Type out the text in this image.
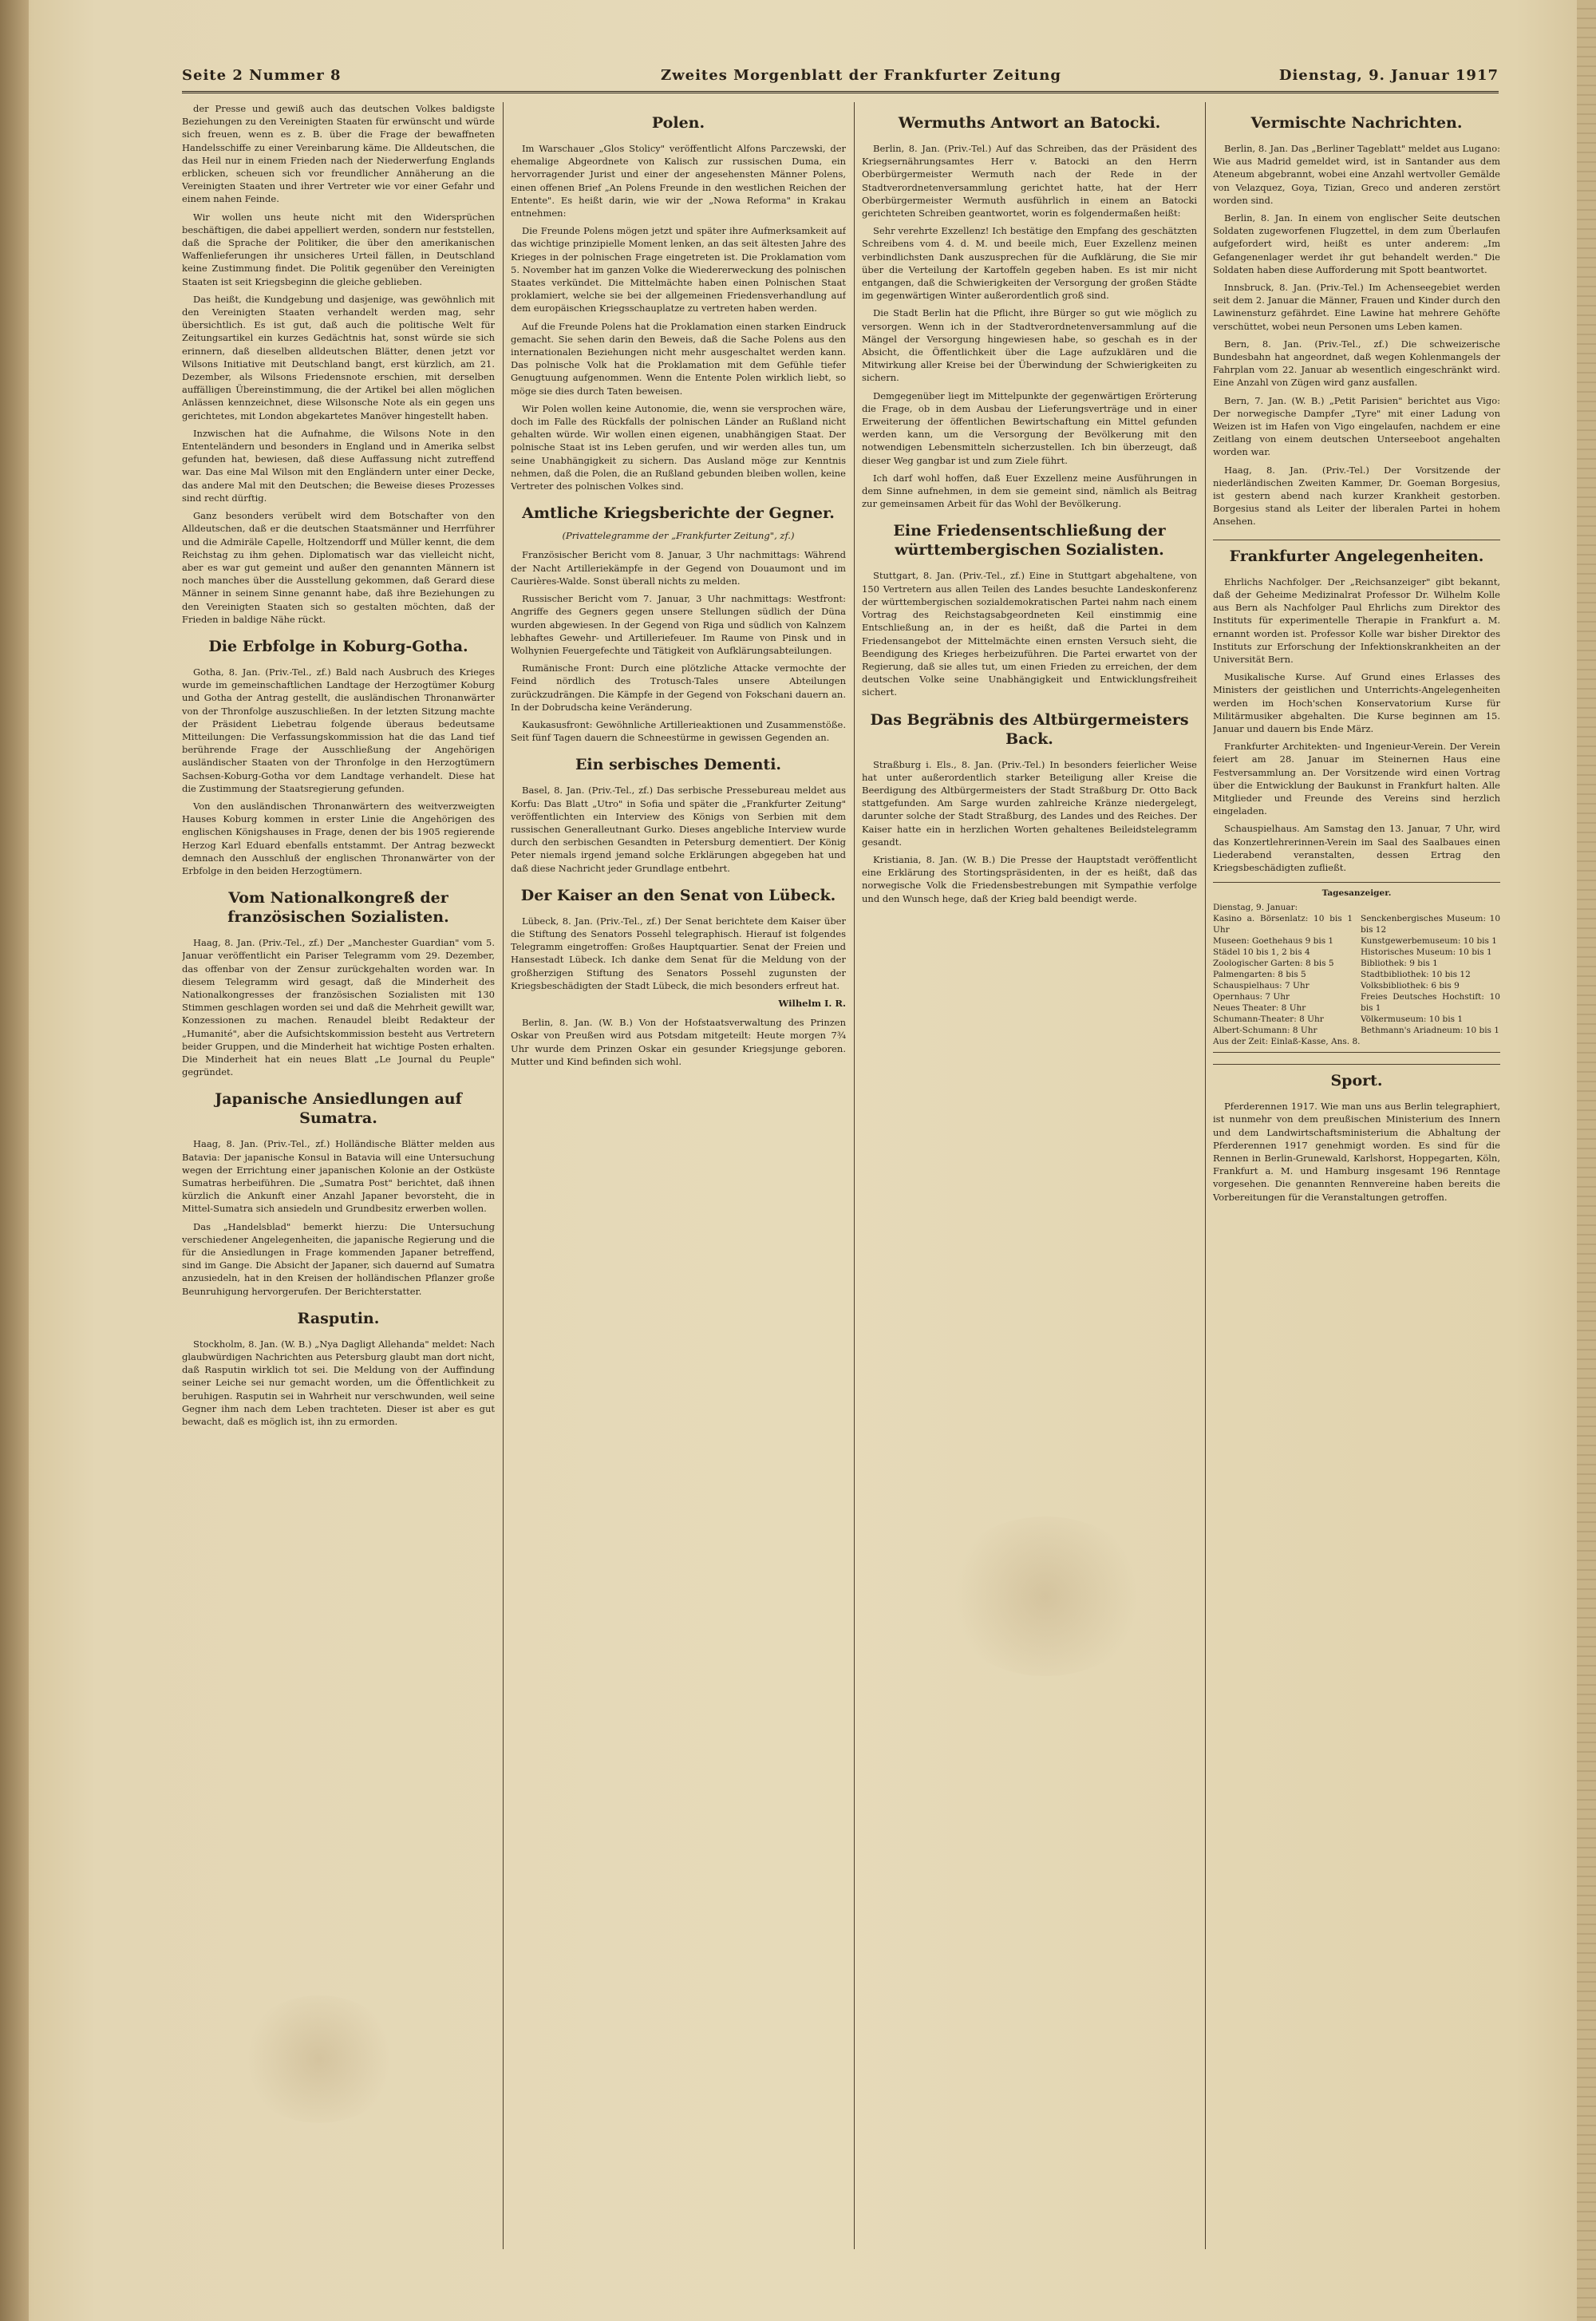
Seite 2 Nummer 8	Zweites Morgenblatt der Frankfurter Zeitung	Dienstag, 9. Januar 1917

der Presse und gewiß auch das deutschen Volkes baldigste Beziehungen zu den Vereinigten Staaten für erwünscht und würde sich freuen, wenn es z. B. über die Frage der bewaffneten Handelsschiffe zu einer Vereinbarung käme. Die Alldeutschen, die das Heil nur in einem Frieden nach der Niederwerfung Englands erblicken, scheuen sich vor freundlicher Annäherung an die Vereinigten Staaten und ihrer Vertreter wie vor einer Gefahr und einem nahen Feinde.

Wir wollen uns heute nicht mit den Widersprüchen beschäftigen, die dabei appelliert werden, sondern nur feststellen, daß die Sprache der Politiker, die über den amerikanischen Waffenlieferungen ihr unsicheres Urteil fällen, in Deutschland keine Zustimmung findet. Die Politik gegenüber den Vereinigten Staaten ist seit Kriegsbeginn die gleiche geblieben.

Das heißt, die Kundgebung und dasjenige, was gewöhnlich mit den Vereinigten Staaten verhandelt werden mag, sehr übersichtlich. Es ist gut, daß auch die politische Welt für Zeitungsartikel ein kurzes Gedächtnis hat, sonst würde sie sich erinnern, daß dieselben alldeutschen Blätter, denen jetzt vor Wilsons Initiative mit Deutschland bangt, erst kürzlich, am 21. Dezember, als Wilsons Friedensnote erschien, mit derselben auffälligen Übereinstimmung, die der Artikel bei allen möglichen Anlässen kennzeichnet, diese Wilsonsche Note als ein gegen uns gerichtetes, mit London abgekartetes Manöver hingestellt haben.

Inzwischen hat die Aufnahme, die Wilsons Note in den Ententeländern und besonders in England und in Amerika selbst gefunden hat, bewiesen, daß diese Auffassung nicht zutreffend war. Das eine Mal Wilson mit den Engländern unter einer Decke, das andere Mal mit den Deutschen; die Beweise dieses Prozesses sind recht dürftig.

Ganz besonders verübelt wird dem Botschafter von den Alldeutschen, daß er die deutschen Staatsmänner und Herrführer und die Admiräle Capelle, Holtzendorff und Müller kennt, die dem Reichstag zu ihm gehen. Diplomatisch war das vielleicht nicht, aber es war gut gemeint und außer den genannten Männern ist noch manches über die Ausstellung gekommen, daß Gerard diese Männer in seinem Sinne genannt habe, daß ihre Beziehungen zu den Vereinigten Staaten sich so gestalten möchten, daß der Frieden in baldige Nähe rückt.

Die Erbfolge in Koburg-Gotha.

Gotha, 8. Jan. (Priv.-Tel., zf.) Bald nach Ausbruch des Krieges wurde im gemeinschaftlichen Landtage der Herzogtümer Koburg und Gotha der Antrag gestellt, die ausländischen Thronanwärter von der Thronfolge auszuschließen. In der letzten Sitzung machte der Präsident Liebetrau folgende überaus bedeutsame Mitteilungen: Die Verfassungskommission hat die das Land tief berührende Frage der Ausschließung der Angehörigen ausländischer Staaten von der Thronfolge in den Herzogtümern Sachsen-Koburg-Gotha vor dem Landtage verhandelt. Diese hat die Zustimmung der Staatsregierung gefunden.

Von den ausländischen Thronanwärtern des weitverzweigten Hauses Koburg kommen in erster Linie die Angehörigen des englischen Königshauses in Frage, denen der bis 1905 regierende Herzog Karl Eduard ebenfalls entstammt. Der Antrag bezweckt demnach den Ausschluß der englischen Thronanwärter von der Erbfolge in den beiden Herzogtümern.

Vom Nationalkongreß der französischen Sozialisten.

Haag, 8. Jan. (Priv.-Tel., zf.) Der „Manchester Guardian" vom 5. Januar veröffentlicht ein Pariser Telegramm vom 29. Dezember, das offenbar von der Zensur zurückgehalten worden war. In diesem Telegramm wird gesagt, daß die Minderheit des Nationalkongresses der französischen Sozialisten mit 130 Stimmen geschlagen worden sei und daß die Mehrheit gewillt war, Konzessionen zu machen. Renaudel bleibt Redakteur der „Humanité", aber die Aufsichtskommission besteht aus Vertretern beider Gruppen, und die Minderheit hat wichtige Posten erhalten. Die Minderheit hat ein neues Blatt „Le Journal du Peuple" gegründet.

Japanische Ansiedlungen auf Sumatra.

Haag, 8. Jan. (Priv.-Tel., zf.) Holländische Blätter melden aus Batavia: Der japanische Konsul in Batavia will eine Untersuchung wegen der Errichtung einer japanischen Kolonie an der Ostküste Sumatras herbeiführen. Die „Sumatra Post" berichtet, daß ihnen kürzlich die Ankunft einer Anzahl Japaner bevorsteht, die in Mittel-Sumatra sich ansiedeln und Grundbesitz erwerben wollen.

Das „Handelsblad" bemerkt hierzu: Die Untersuchung verschiedener Angelegenheiten, die japanische Regierung und die für die Ansiedlungen in Frage kommenden Japaner betreffend, sind im Gange. Die Absicht der Japaner, sich dauernd auf Sumatra anzusiedeln, hat in den Kreisen der holländischen Pflanzer große Beunruhigung hervorgerufen. Der Berichterstatter.

Rasputin.

Stockholm, 8. Jan. (W. B.) „Nya Dagligt Allehanda" meldet: Nach glaubwürdigen Nachrichten aus Petersburg glaubt man dort nicht, daß Rasputin wirklich tot sei. Die Meldung von der Auffindung seiner Leiche sei nur gemacht worden, um die Öffentlichkeit zu beruhigen. Rasputin sei in Wahrheit nur verschwunden, weil seine Gegner ihm nach dem Leben trachteten. Dieser ist aber es gut bewacht, daß es möglich ist, ihn zu ermorden.

Polen.

Im Warschauer „Glos Stolicy" veröffentlicht Alfons Parczewski, der ehemalige Abgeordnete von Kalisch zur russischen Duma, ein hervorragender Jurist und einer der angesehensten Männer Polens, einen offenen Brief „An Polens Freunde in den westlichen Reichen der Entente". Es heißt darin, wie wir der „Nowa Reforma" in Krakau entnehmen:

Die Freunde Polens mögen jetzt und später ihre Aufmerksamkeit auf das wichtige prinzipielle Moment lenken, an das seit ältesten Jahre des Krieges in der polnischen Frage eingetreten ist. Die Proklamation vom 5. November hat im ganzen Volke die Wiedererweckung des polnischen Staates verkündet. Die Mittelmächte haben einen Polnischen Staat proklamiert, welche sie bei der allgemeinen Friedensverhandlung auf dem europäischen Kriegsschauplatze zu vertreten haben werden.

Auf die Freunde Polens hat die Proklamation einen starken Eindruck gemacht. Sie sehen darin den Beweis, daß die Sache Polens aus den internationalen Beziehungen nicht mehr ausgeschaltet werden kann. Das polnische Volk hat die Proklamation mit dem Gefühle tiefer Genugtuung aufgenommen. Wenn die Entente Polen wirklich liebt, so möge sie dies durch Taten beweisen.

Wir Polen wollen keine Autonomie, die, wenn sie versprochen wäre, doch im Falle des Rückfalls der polnischen Länder an Rußland nicht gehalten würde. Wir wollen einen eigenen, unabhängigen Staat. Der polnische Staat ist ins Leben gerufen, und wir werden alles tun, um seine Unabhängigkeit zu sichern. Das Ausland möge zur Kenntnis nehmen, daß die Polen, die an Rußland gebunden bleiben wollen, keine Vertreter des polnischen Volkes sind.

Amtliche Kriegsberichte der Gegner.
(Privattelegramme der „Frankfurter Zeitung", zf.)

Französischer Bericht vom 8. Januar, 3 Uhr nachmittags: Während der Nacht Artilleriekämpfe in der Gegend von Douaumont und im Caurières-Walde. Sonst überall nichts zu melden.

Russischer Bericht vom 7. Januar, 3 Uhr nachmittags: Westfront: Angriffe des Gegners gegen unsere Stellungen südlich der Düna wurden abgewiesen. In der Gegend von Riga und südlich von Kalnzem lebhaftes Gewehr- und Artilleriefeuer. Im Raume von Pinsk und in Wolhynien Feuergefechte und Tätigkeit von Aufklärungsabteilungen.

Rumänische Front: Durch eine plötzliche Attacke vermochte der Feind nördlich des Trotusch-Tales unsere Abteilungen zurückzudrängen. Die Kämpfe in der Gegend von Fokschani dauern an. In der Dobrudscha keine Veränderung.

Kaukasusfront: Gewöhnliche Artillerieaktionen und Zusammenstöße. Seit fünf Tagen dauern die Schneestürme in gewissen Gegenden an.

Ein serbisches Dementi.

Basel, 8. Jan. (Priv.-Tel., zf.) Das serbische Pressebureau meldet aus Korfu: Das Blatt „Utro" in Sofia und später die „Frankfurter Zeitung" veröffentlichten ein Interview des Königs von Serbien mit dem russischen Generalleutnant Gurko. Dieses angebliche Interview wurde durch den serbischen Gesandten in Petersburg dementiert. Der König Peter niemals irgend jemand solche Erklärungen abgegeben hat und daß diese Nachricht jeder Grundlage entbehrt.

Der Kaiser an den Senat von Lübeck.

Lübeck, 8. Jan. (Priv.-Tel., zf.) Der Senat berichtete dem Kaiser über die Stiftung des Senators Possehl telegraphisch. Hierauf ist folgendes Telegramm eingetroffen: Großes Hauptquartier. Senat der Freien und Hansestadt Lübeck. Ich danke dem Senat für die Meldung von der großherzigen Stiftung des Senators Possehl zugunsten der Kriegsbeschädigten der Stadt Lübeck, die mich besonders erfreut hat.

Wilhelm I. R.

Berlin, 8. Jan. (W. B.) Von der Hofstaatsverwaltung des Prinzen Oskar von Preußen wird aus Potsdam mitgeteilt: Heute morgen 7¾ Uhr wurde dem Prinzen Oskar ein gesunder Kriegsjunge geboren. Mutter und Kind befinden sich wohl.

Wermuths Antwort an Batocki.

Berlin, 8. Jan. (Priv.-Tel.) Auf das Schreiben, das der Präsident des Kriegsernährungsamtes Herr v. Batocki an den Herrn Oberbürgermeister Wermuth nach der Rede in der Stadtverordnetenversammlung gerichtet hatte, hat der Herr Oberbürgermeister Wermuth ausführlich in einem an Batocki gerichteten Schreiben geantwortet, worin es folgendermaßen heißt:

Sehr verehrte Exzellenz! Ich bestätige den Empfang des geschätzten Schreibens vom 4. d. M. und beeile mich, Euer Exzellenz meinen verbindlichsten Dank auszusprechen für die Aufklärung, die Sie mir über die Verteilung der Kartoffeln gegeben haben. Es ist mir nicht entgangen, daß die Schwierigkeiten der Versorgung der großen Städte im gegenwärtigen Winter außerordentlich groß sind.

Die Stadt Berlin hat die Pflicht, ihre Bürger so gut wie möglich zu versorgen. Wenn ich in der Stadtverordnetenversammlung auf die Mängel der Versorgung hingewiesen habe, so geschah es in der Absicht, die Öffentlichkeit über die Lage aufzuklären und die Mitwirkung aller Kreise bei der Überwindung der Schwierigkeiten zu sichern.

Demgegenüber liegt im Mittelpunkte der gegenwärtigen Erörterung die Frage, ob in dem Ausbau der Lieferungsverträge und in einer Erweiterung der öffentlichen Bewirtschaftung ein Mittel gefunden werden kann, um die Versorgung der Bevölkerung mit den notwendigen Lebensmitteln sicherzustellen. Ich bin überzeugt, daß dieser Weg gangbar ist und zum Ziele führt.

Ich darf wohl hoffen, daß Euer Exzellenz meine Ausführungen in dem Sinne aufnehmen, in dem sie gemeint sind, nämlich als Beitrag zur gemeinsamen Arbeit für das Wohl der Bevölkerung.

Eine Friedensentschließung der württembergischen Sozialisten.

Stuttgart, 8. Jan. (Priv.-Tel., zf.) Eine in Stuttgart abgehaltene, von 150 Vertretern aus allen Teilen des Landes besuchte Landeskonferenz der württembergischen sozialdemokratischen Partei nahm nach einem Vortrag des Reichstagsabgeordneten Keil einstimmig eine Entschließung an, in der es heißt, daß die Partei in dem Friedensangebot der Mittelmächte einen ernsten Versuch sieht, die Beendigung des Krieges herbeizuführen. Die Partei erwartet von der Regierung, daß sie alles tut, um einen Frieden zu erreichen, der dem deutschen Volke seine Unabhängigkeit und Entwicklungsfreiheit sichert.

Das Begräbnis des Altbürgermeisters Back.

Straßburg i. Els., 8. Jan. (Priv.-Tel.) In besonders feierlicher Weise hat unter außerordentlich starker Beteiligung aller Kreise die Beerdigung des Altbürgermeisters der Stadt Straßburg Dr. Otto Back stattgefunden. Am Sarge wurden zahlreiche Kränze niedergelegt, darunter solche der Stadt Straßburg, des Landes und des Reiches. Der Kaiser hatte ein in herzlichen Worten gehaltenes Beileidstelegramm gesandt.

Kristiania, 8. Jan. (W. B.) Die Presse der Hauptstadt veröffentlicht eine Erklärung des Stortingspräsidenten, in der es heißt, daß das norwegische Volk die Friedensbestrebungen mit Sympathie verfolge und den Wunsch hege, daß der Krieg bald beendigt werde.

Vermischte Nachrichten.

Berlin, 8. Jan. Das „Berliner Tageblatt" meldet aus Lugano: Wie aus Madrid gemeldet wird, ist in Santander aus dem Ateneum abgebrannt, wobei eine Anzahl wertvoller Gemälde von Velazquez, Goya, Tizian, Greco und anderen zerstört worden sind.

Berlin, 8. Jan. In einem von englischer Seite deutschen Soldaten zugeworfenen Flugzettel, in dem zum Überlaufen aufgefordert wird, heißt es unter anderem: „Im Gefangenenlager werdet ihr gut behandelt werden." Die Soldaten haben diese Aufforderung mit Spott beantwortet.

Innsbruck, 8. Jan. (Priv.-Tel.) Im Achenseegebiet werden seit dem 2. Januar die Männer, Frauen und Kinder durch den Lawinensturz gefährdet. Eine Lawine hat mehrere Gehöfte verschüttet, wobei neun Personen ums Leben kamen.

Bern, 8. Jan. (Priv.-Tel., zf.) Die schweizerische Bundesbahn hat angeordnet, daß wegen Kohlenmangels der Fahrplan vom 22. Januar ab wesentlich eingeschränkt wird. Eine Anzahl von Zügen wird ganz ausfallen.

Bern, 7. Jan. (W. B.) „Petit Parisien" berichtet aus Vigo: Der norwegische Dampfer „Tyre" mit einer Ladung von Weizen ist im Hafen von Vigo eingelaufen, nachdem er eine Zeitlang von einem deutschen Unterseeboot angehalten worden war.

Haag, 8. Jan. (Priv.-Tel.) Der Vorsitzende der niederländischen Zweiten Kammer, Dr. Goeman Borgesius, ist gestern abend nach kurzer Krankheit gestorben. Borgesius stand als Leiter der liberalen Partei in hohem Ansehen.

Frankfurter Angelegenheiten.

Ehrlichs Nachfolger. Der „Reichsanzeiger" gibt bekannt, daß der Geheime Medizinalrat Professor Dr. Wilhelm Kolle aus Bern als Nachfolger Paul Ehrlichs zum Direktor des Instituts für experimentelle Therapie in Frankfurt a. M. ernannt worden ist. Professor Kolle war bisher Direktor des Instituts zur Erforschung der Infektionskrankheiten an der Universität Bern.

Musikalische Kurse. Auf Grund eines Erlasses des Ministers der geistlichen und Unterrichts-Angelegenheiten werden im Hoch'schen Konservatorium Kurse für Militärmusiker abgehalten. Die Kurse beginnen am 15. Januar und dauern bis Ende März.

Frankfurter Architekten- und Ingenieur-Verein. Der Verein feiert am 28. Januar im Steinernen Haus eine Festversammlung an. Der Vorsitzende wird einen Vortrag über die Entwicklung der Baukunst in Frankfurt halten. Alle Mitglieder und Freunde des Vereins sind herzlich eingeladen.

Schauspielhaus. Am Samstag den 13. Januar, 7 Uhr, wird das Konzertlehrerinnen-Verein im Saal des Saalbaues einen Liederabend veranstalten, dessen Ertrag den Kriegsbeschädigten zufließt.

Tagesanzeiger.
Dienstag, 9. Januar:
Kasino a. Börsenlatz: 10 bis 1 Uhr
Museen: Goethehaus 9 bis 1
Städel 10 bis 1, 2 bis 4
Zoologischer Garten: 8 bis 5
Palmengarten: 8 bis 5
Schauspielhaus: 7 Uhr
Opernhaus: 7 Uhr
Neues Theater: 8 Uhr
Schumann-Theater: 8 Uhr
Albert-Schumann: 8 Uhr
Senckenbergisches Museum: 10 bis 12
Kunstgewerbemuseum: 10 bis 1
Historisches Museum: 10 bis 1
Bibliothek: 9 bis 1
Stadtbibliothek: 10 bis 12
Volksbibliothek: 6 bis 9
Freies Deutsches Hochstift: 10 bis 1
Völkermuseum: 10 bis 1
Bethmann's Ariadneum: 10 bis 1
Aus der Zeit: Einlaß-Kasse, Ans. 8.
Sport.

Pferderennen 1917. Wie man uns aus Berlin telegraphiert, ist nunmehr von dem preußischen Ministerium des Innern und dem Landwirtschaftsministerium die Abhaltung der Pferderennen 1917 genehmigt worden. Es sind für die Rennen in Berlin-Grunewald, Karlshorst, Hoppegarten, Köln, Frankfurt a. M. und Hamburg insgesamt 196 Renntage vorgesehen. Die genannten Rennvereine haben bereits die Vorbereitungen für die Veranstaltungen getroffen.
